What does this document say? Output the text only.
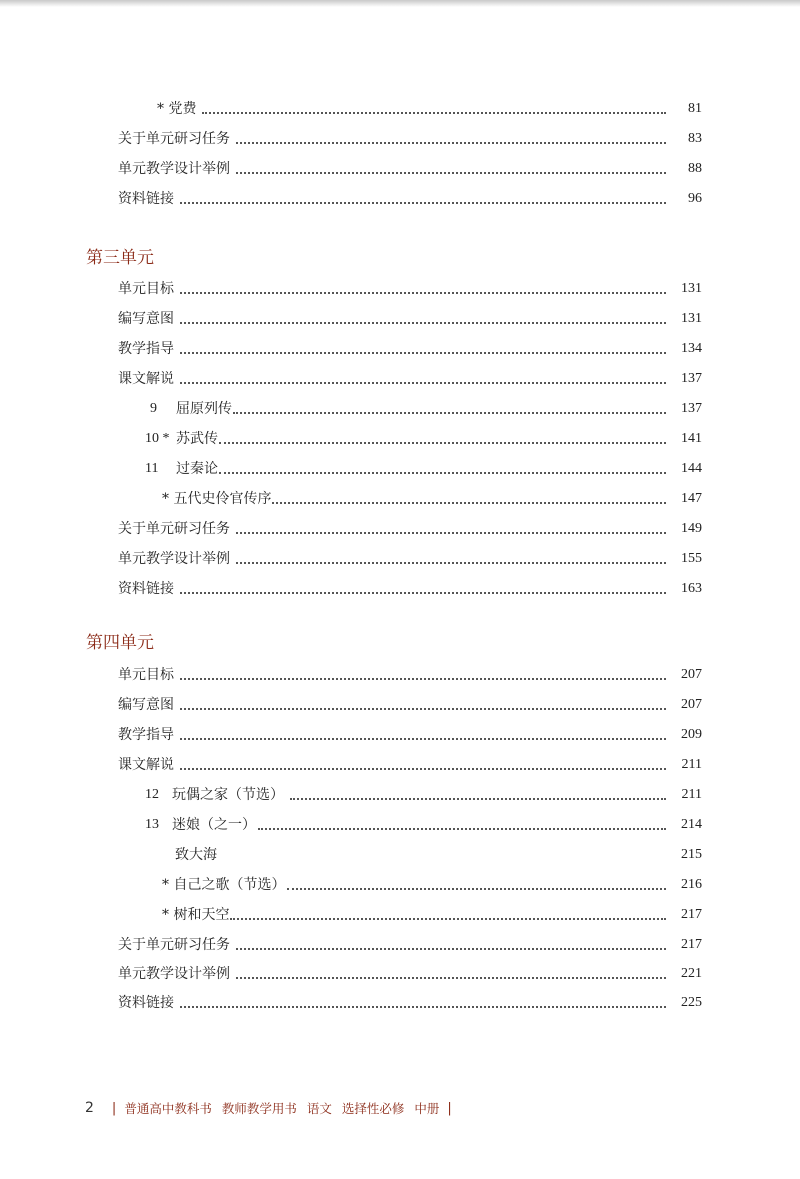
* 党费	81
关于单元研习任务	83
单元教学设计举例	88
资料链接	96
第三单元
单元目标	131
编写意图	131
教学指导	134
课文解说	137
9	屈原列传	137
10 * 苏武传	141
11	过秦论	144
* 五代史伶官传序	147
关于单元研习任务	149
单元教学设计举例	155
资料链接	163
第四单元
单元目标	207
编写意图	207
教学指导	209
课文解说	211
12 玩偶之家（节选）	211
13 迷娘（之一）	214
致大海	215
* 自己之歌（节选）	216
* 树和天空	217
关于单元研习任务	217
单元教学设计举例	221
资料链接	225
2 | 普通高中教科书 教师教学用书 语文 选择性必修 中册 |
